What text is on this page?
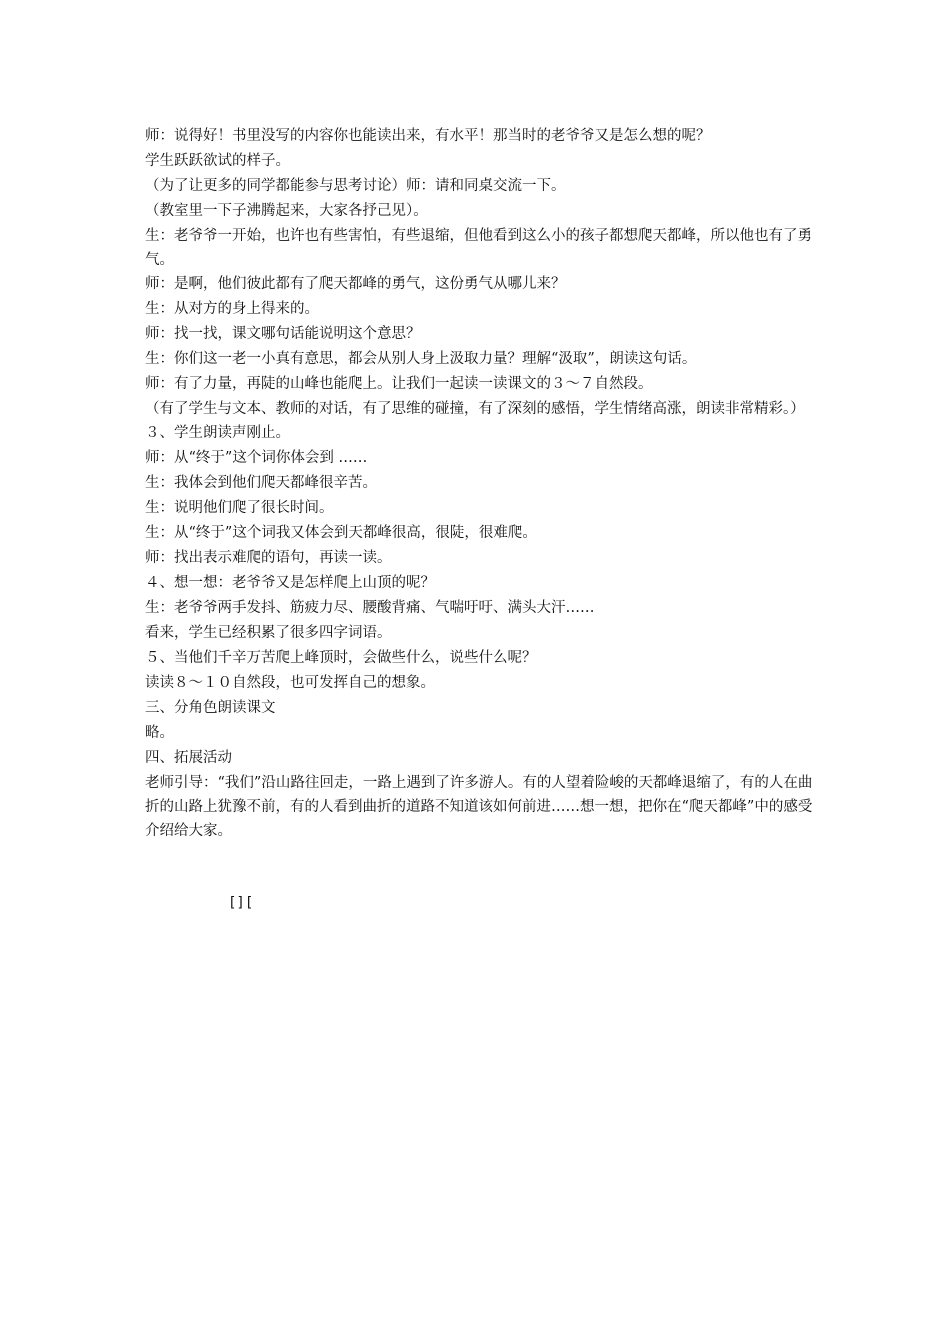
师：说得好！书里没写的内容你也能读出来，有水平！那当时的老爷爷又是怎么想的呢？

学生跃跃欲试的样子。

（为了让更多的同学都能参与思考讨论）师：请和同桌交流一下。

（教室里一下子沸腾起来，大家各抒己见）。

生：老爷爷一开始，也许也有些害怕，有些退缩，但他看到这么小的孩子都想爬天都峰，所以他也有了勇气。

师：是啊，他们彼此都有了爬天都峰的勇气，这份勇气从哪儿来？

生：从对方的身上得来的。

师：找一找，课文哪句话能说明这个意思？

生：你们这一老一小真有意思，都会从别人身上汲取力量？理解“汲取”，朗读这句话。

师：有了力量，再陡的山峰也能爬上。让我们一起读一读课文的３～７自然段。

（有了学生与文本、教师的对话，有了思维的碰撞，有了深刻的感悟，学生情绪高涨，朗读非常精彩。）

３、学生朗读声刚止。

师：从“终于”这个词你体会到 ……

生：我体会到他们爬天都峰很辛苦。

生：说明他们爬了很长时间。

生：从“终于”这个词我又体会到天都峰很高，很陡，很难爬。

师：找出表示难爬的语句，再读一读。

４、想一想：老爷爷又是怎样爬上山顶的呢？

生：老爷爷两手发抖、筋疲力尽、腰酸背痛、气喘吁吁、满头大汗……

看来，学生已经积累了很多四字词语。

５、当他们千辛万苦爬上峰顶时，会做些什么，说些什么呢？

读读８～１０自然段，也可发挥自己的想象。

三、分角色朗读课文

略。

四、拓展活动

老师引导：“我们”沿山路往回走，一路上遇到了许多游人。有的人望着险峻的天都峰退缩了，有的人在曲折的山路上犹豫不前，有的人看到曲折的道路不知道该如何前进……想一想，把你在“爬天都峰”中的感受介绍给大家。

[][
